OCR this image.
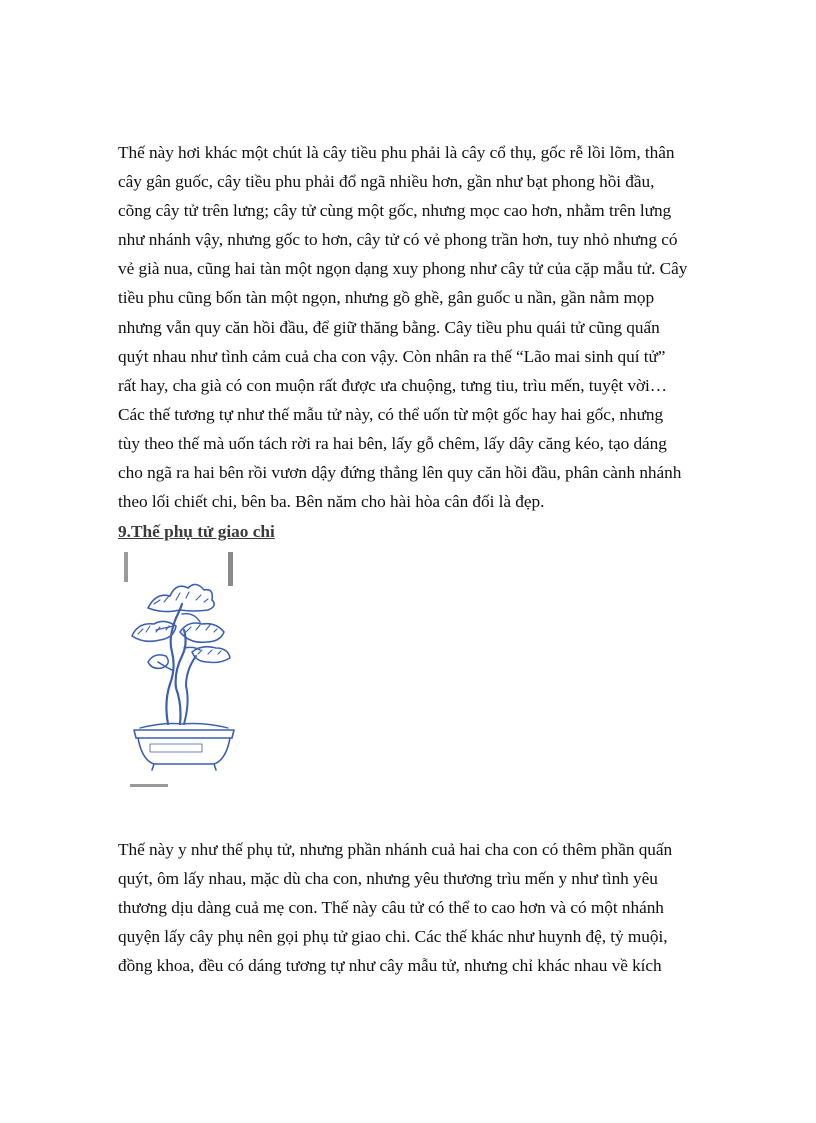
Thế này hơi khác một chút là cây tiều phu phải là cây cổ thụ, gốc rễ lồi lõm, thân
cây gân guốc, cây tiều phu phải đổ ngã nhiều hơn, gần như bạt phong hồi đầu,
cõng cây tử trên lưng; cây tử cùng một gốc, nhưng mọc cao hơn, nhằm trên lưng
như nhánh vậy, nhưng gốc to hơn, cây tử có vẻ phong trần hơn, tuy nhỏ nhưng có
vẻ già nua, cũng hai tàn một ngọn dạng xuy phong như cây tử của cặp mẫu tử. Cây
tiều phu cũng bốn tàn một ngọn, nhưng gồ ghề, gân guốc u nần, gần nằm mọp
nhưng vẫn quy căn hồi đầu, để giữ thăng bằng. Cây tiều phu quái tử cũng quấn
quýt nhau như tình cảm cuả cha con vậy. Còn nhân ra thế “Lão mai sinh quí tử”
rất hay, cha già có con muộn rất được ưa chuộng, tưng tiu, trìu mến, tuyệt vời…
Các thế tương tự như thế mẫu tử này, có thể uốn từ một gốc hay hai gốc, nhưng
tùy theo thế mà uốn tách rời ra hai bên, lấy gỗ chêm, lấy dây căng kéo, tạo dáng
cho ngã ra hai bên rồi vươn dậy đứng thẳng lên quy căn hồi đầu, phân cành nhánh
theo lối chiết chi, bên ba. Bên năm cho hài hòa cân đối là đẹp.

9.Thế phụ tử giao chi

Thế này y như thế phụ tử, nhưng phần nhánh cuả hai cha con có thêm phần quấn
quýt, ôm lấy nhau, mặc dù cha con, nhưng yêu thương trìu mến y như tình yêu
thương dịu dàng cuả mẹ con. Thế này câu tử có thể to cao hơn và có một nhánh
quyện lấy cây phụ nên gọi phụ tử giao chi. Các thế khác như huynh đệ, tỷ muội,
đồng khoa, đều có dáng tương tự như cây mẫu tử, nhưng chỉ khác nhau về kích
